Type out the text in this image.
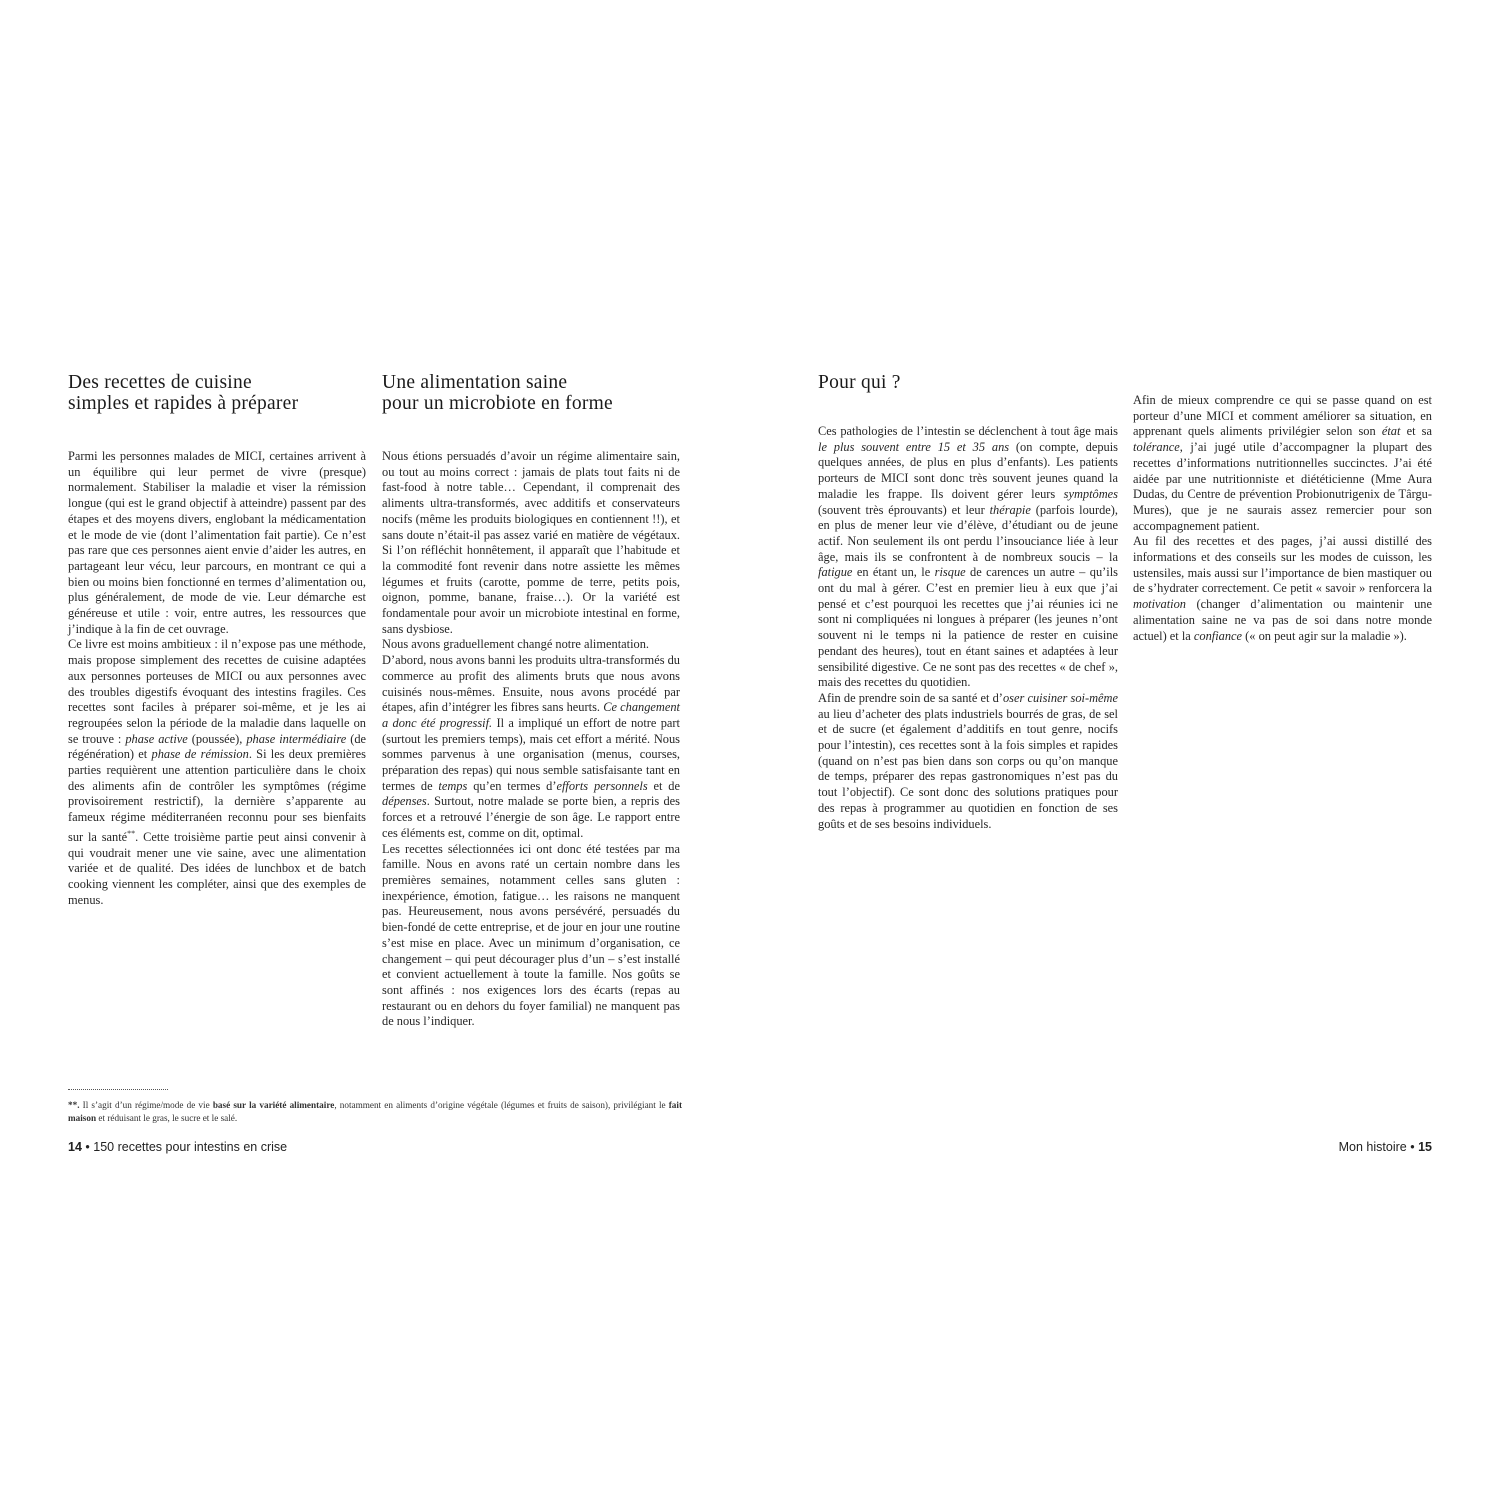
Des recettes de cuisine
simples et rapides à préparer

Parmi les personnes malades de MICI, certaines arrivent à un équilibre qui leur permet de vivre (presque) normalement. Stabiliser la maladie et viser la rémission longue (qui est le grand objectif à atteindre) passent par des étapes et des moyens divers, englobant la médicamentation et le mode de vie (dont l’alimentation fait partie). Ce n’est pas rare que ces personnes aient envie d’aider les autres, en partageant leur vécu, leur parcours, en montrant ce qui a bien ou moins bien fonctionné en termes d’alimentation ou, plus généralement, de mode de vie. Leur démarche est généreuse et utile : voir, entre autres, les ressources que j’indique à la fin de cet ouvrage.

Ce livre est moins ambitieux : il n’expose pas une méthode, mais propose simplement des recettes de cuisine adaptées aux personnes porteuses de MICI ou aux personnes avec des troubles digestifs évoquant des intestins fragiles. Ces recettes sont faciles à préparer soi-même, et je les ai regroupées selon la période de la maladie dans laquelle on se trouve : phase active (poussée), phase intermédiaire (de régénération) et phase de rémission. Si les deux premières parties requièrent une attention particulière dans le choix des aliments afin de contrôler les symptômes (régime provisoirement restrictif), la dernière s’apparente au fameux régime méditerranéen reconnu pour ses bienfaits sur la santé**. Cette troisième partie peut ainsi convenir à qui voudrait mener une vie saine, avec une alimentation variée et de qualité. Des idées de lunchbox et de batch cooking viennent les compléter, ainsi que des exemples de menus.

Une alimentation saine
pour un microbiote en forme

Nous étions persuadés d’avoir un régime alimentaire sain, ou tout au moins correct : jamais de plats tout faits ni de fast-food à notre table… Cependant, il comprenait des aliments ultra-transformés, avec additifs et conservateurs nocifs (même les produits biologiques en contiennent !!), et sans doute n’était-il pas assez varié en matière de végétaux. Si l’on réfléchit honnêtement, il apparaît que l’habitude et la commodité font revenir dans notre assiette les mêmes légumes et fruits (carotte, pomme de terre, petits pois, oignon, pomme, banane, fraise…). Or la variété est fondamentale pour avoir un microbiote intestinal en forme, sans dysbiose.

Nous avons graduellement changé notre alimentation.

D’abord, nous avons banni les produits ultra-transformés du commerce au profit des aliments bruts que nous avons cuisinés nous-mêmes. Ensuite, nous avons procédé par étapes, afin d’intégrer les fibres sans heurts. Ce changement a donc été progressif. Il a impliqué un effort de notre part (surtout les premiers temps), mais cet effort a mérité. Nous sommes parvenus à une organisation (menus, courses, préparation des repas) qui nous semble satisfaisante tant en termes de temps qu’en termes d’efforts personnels et de dépenses. Surtout, notre malade se porte bien, a repris des forces et a retrouvé l’énergie de son âge. Le rapport entre ces éléments est, comme on dit, optimal.

Les recettes sélectionnées ici ont donc été testées par ma famille. Nous en avons raté un certain nombre dans les premières semaines, notamment celles sans gluten : inexpérience, émotion, fatigue… les raisons ne manquent pas. Heureusement, nous avons persévéré, persuadés du bien-fondé de cette entreprise, et de jour en jour une routine s’est mise en place. Avec un minimum d’organisation, ce changement – qui peut décourager plus d’un – s’est installé et convient actuellement à toute la famille. Nos goûts se sont affinés : nos exigences lors des écarts (repas au restaurant ou en dehors du foyer familial) ne manquent pas de nous l’indiquer.

**. Il s’agit d’un régime/mode de vie basé sur la variété alimentaire, notamment en aliments d’origine végétale (légumes et fruits de saison), privilégiant le fait maison et réduisant le gras, le sucre et le salé.
14 • 150 recettes pour intestins en crise
Pour qui ?

Ces pathologies de l’intestin se déclenchent à tout âge mais le plus souvent entre 15 et 35 ans (on compte, depuis quelques années, de plus en plus d’enfants). Les patients porteurs de MICI sont donc très souvent jeunes quand la maladie les frappe. Ils doivent gérer leurs symptômes (souvent très éprouvants) et leur thérapie (parfois lourde), en plus de mener leur vie d’élève, d’étudiant ou de jeune actif. Non seulement ils ont perdu l’insouciance liée à leur âge, mais ils se confrontent à de nombreux soucis – la fatigue en étant un, le risque de carences un autre – qu’ils ont du mal à gérer. C’est en premier lieu à eux que j’ai pensé et c’est pourquoi les recettes que j’ai réunies ici ne sont ni compliquées ni longues à préparer (les jeunes n’ont souvent ni le temps ni la patience de rester en cuisine pendant des heures), tout en étant saines et adaptées à leur sensibilité digestive. Ce ne sont pas des recettes « de chef », mais des recettes du quotidien.

Afin de prendre soin de sa santé et d’oser cuisiner soi-même au lieu d’acheter des plats industriels bourrés de gras, de sel et de sucre (et également d’additifs en tout genre, nocifs pour l’intestin), ces recettes sont à la fois simples et rapides (quand on n’est pas bien dans son corps ou qu’on manque de temps, préparer des repas gastronomiques n’est pas du tout l’objectif). Ce sont donc des solutions pratiques pour des repas à programmer au quotidien en fonction de ses goûts et de ses besoins individuels.

Afin de mieux comprendre ce qui se passe quand on est porteur d’une MICI et comment améliorer sa situation, en apprenant quels aliments privilégier selon son état et sa tolérance, j’ai jugé utile d’accompagner la plupart des recettes d’informations nutritionnelles succinctes. J’ai été aidée par une nutritionniste et diététicienne (Mme Aura Dudas, du Centre de prévention Probionutrigenix de Târgu-Mures), que je ne saurais assez remercier pour son accompagnement patient.

Au fil des recettes et des pages, j’ai aussi distillé des informations et des conseils sur les modes de cuisson, les ustensiles, mais aussi sur l’importance de bien mastiquer ou de s’hydrater correctement. Ce petit « savoir » renforcera la motivation (changer d’alimentation ou maintenir une alimentation saine ne va pas de soi dans notre monde actuel) et la confiance (« on peut agir sur la maladie »).

Mon histoire • 15
